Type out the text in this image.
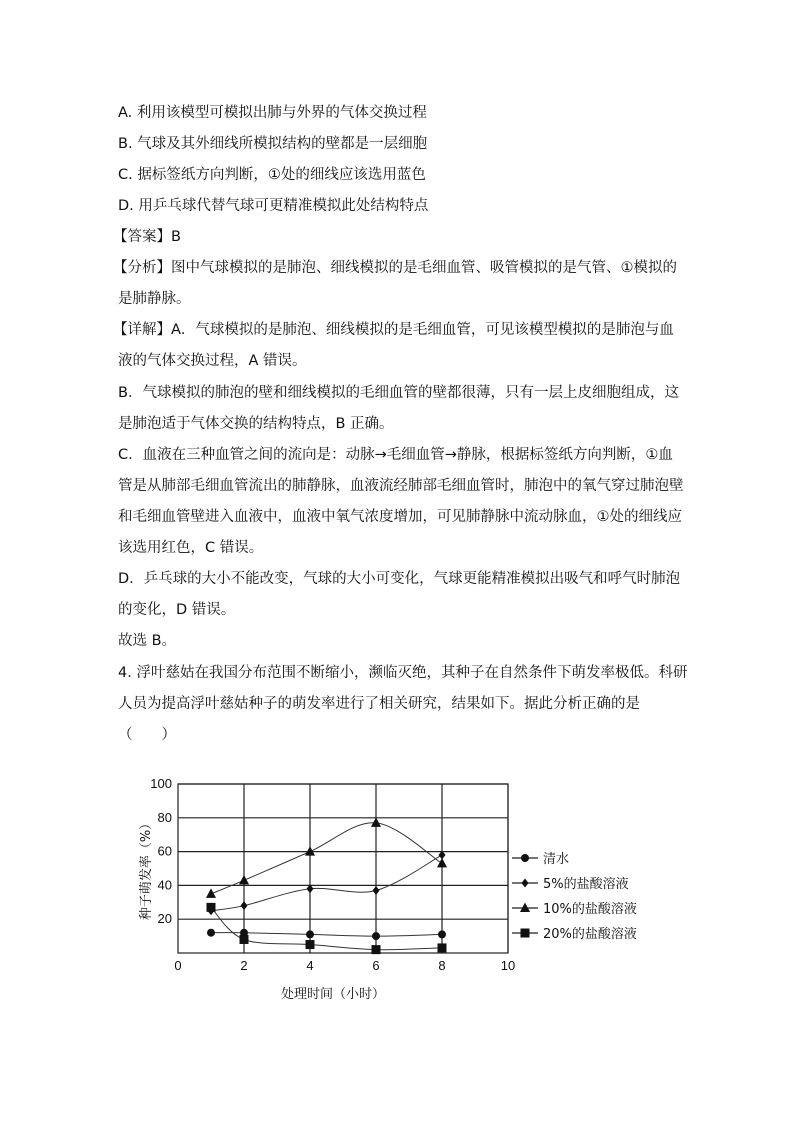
A. 利用该模型可模拟出肺与外界的气体交换过程
B. 气球及其外细线所模拟结构的壁都是一层细胞
C. 据标签纸方向判断，①处的细线应该选用蓝色
D. 用乒乓球代替气球可更精准模拟此处结构特点
【答案】B
【分析】图中气球模拟的是肺泡、细线模拟的是毛细血管、吸管模拟的是气管、①模拟的
是肺静脉。
【详解】A．气球模拟的是肺泡、细线模拟的是毛细血管，可见该模型模拟的是肺泡与血
液的气体交换过程，A 错误。
B．气球模拟的肺泡的壁和细线模拟的毛细血管的壁都很薄，只有一层上皮细胞组成，这
是肺泡适于气体交换的结构特点，B 正确。
C．血液在三种血管之间的流向是：动脉→毛细血管→静脉，根据标签纸方向判断，①血
管是从肺部毛细血管流出的肺静脉，血液流经肺部毛细血管时，肺泡中的氧气穿过肺泡壁
和毛细血管壁进入血液中，血液中氧气浓度增加，可见肺静脉中流动脉血，①处的细线应
该选用红色，C 错误。
D．乒乓球的大小不能改变，气球的大小可变化，气球更能精准模拟出吸气和呼气时肺泡
的变化，D 错误。
故选 B。
4. 浮叶慈姑在我国分布范围不断缩小，濒临灭绝，其种子在自然条件下萌发率极低。科研
人员为提高浮叶慈姑种子的萌发率进行了相关研究，结果如下。据此分析正确的是
（　　）
20
40
60
80
100
0	2	4	6	8	10
处理时间（小时）
种子萌发率（%）	清水
5%的盐酸溶液
10%的盐酸溶液
20%的盐酸溶液
